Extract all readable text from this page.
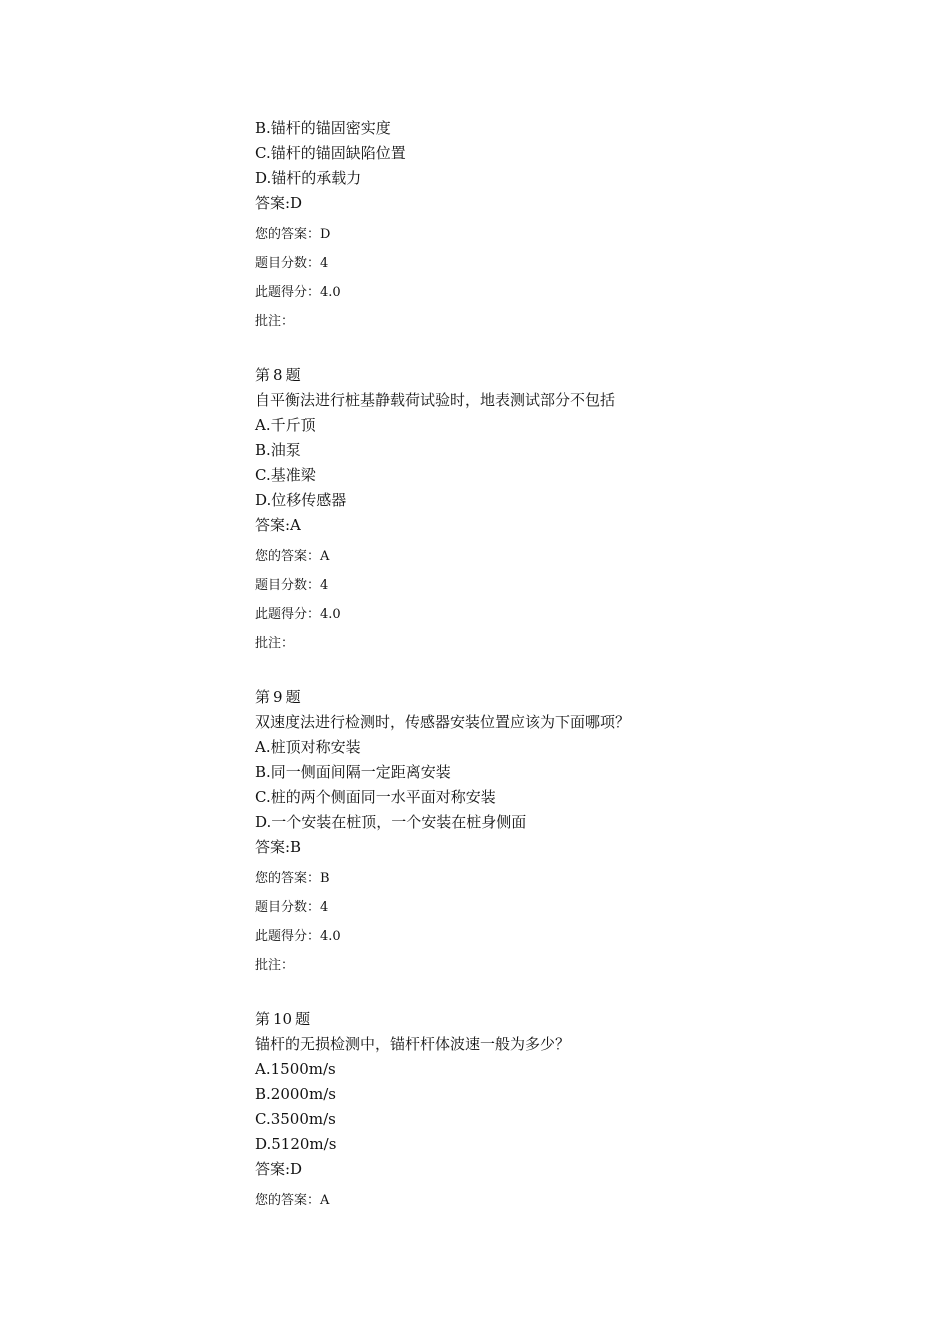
B.锚杆的锚固密实度
C.锚杆的锚固缺陷位置
D.锚杆的承载力
答案:D
您的答案：D
题目分数：4
此题得分：4.0
批注：
第 8 题
自平衡法进行桩基静载荷试验时，地表测试部分不包括
A.千斤顶
B.油泵
C.基准梁
D.位移传感器
答案:A
您的答案：A
题目分数：4
此题得分：4.0
批注：
第 9 题
双速度法进行检测时，传感器安装位置应该为下面哪项？
A.桩顶对称安装
B.同一侧面间隔一定距离安装
C.桩的两个侧面同一水平面对称安装
D.一个安装在桩顶，一个安装在桩身侧面
答案:B
您的答案：B
题目分数：4
此题得分：4.0
批注：
第 10 题
锚杆的无损检测中，锚杆杆体波速一般为多少？
A.1500m/s
B.2000m/s
C.3500m/s
D.5120m/s
答案:D
您的答案：A
